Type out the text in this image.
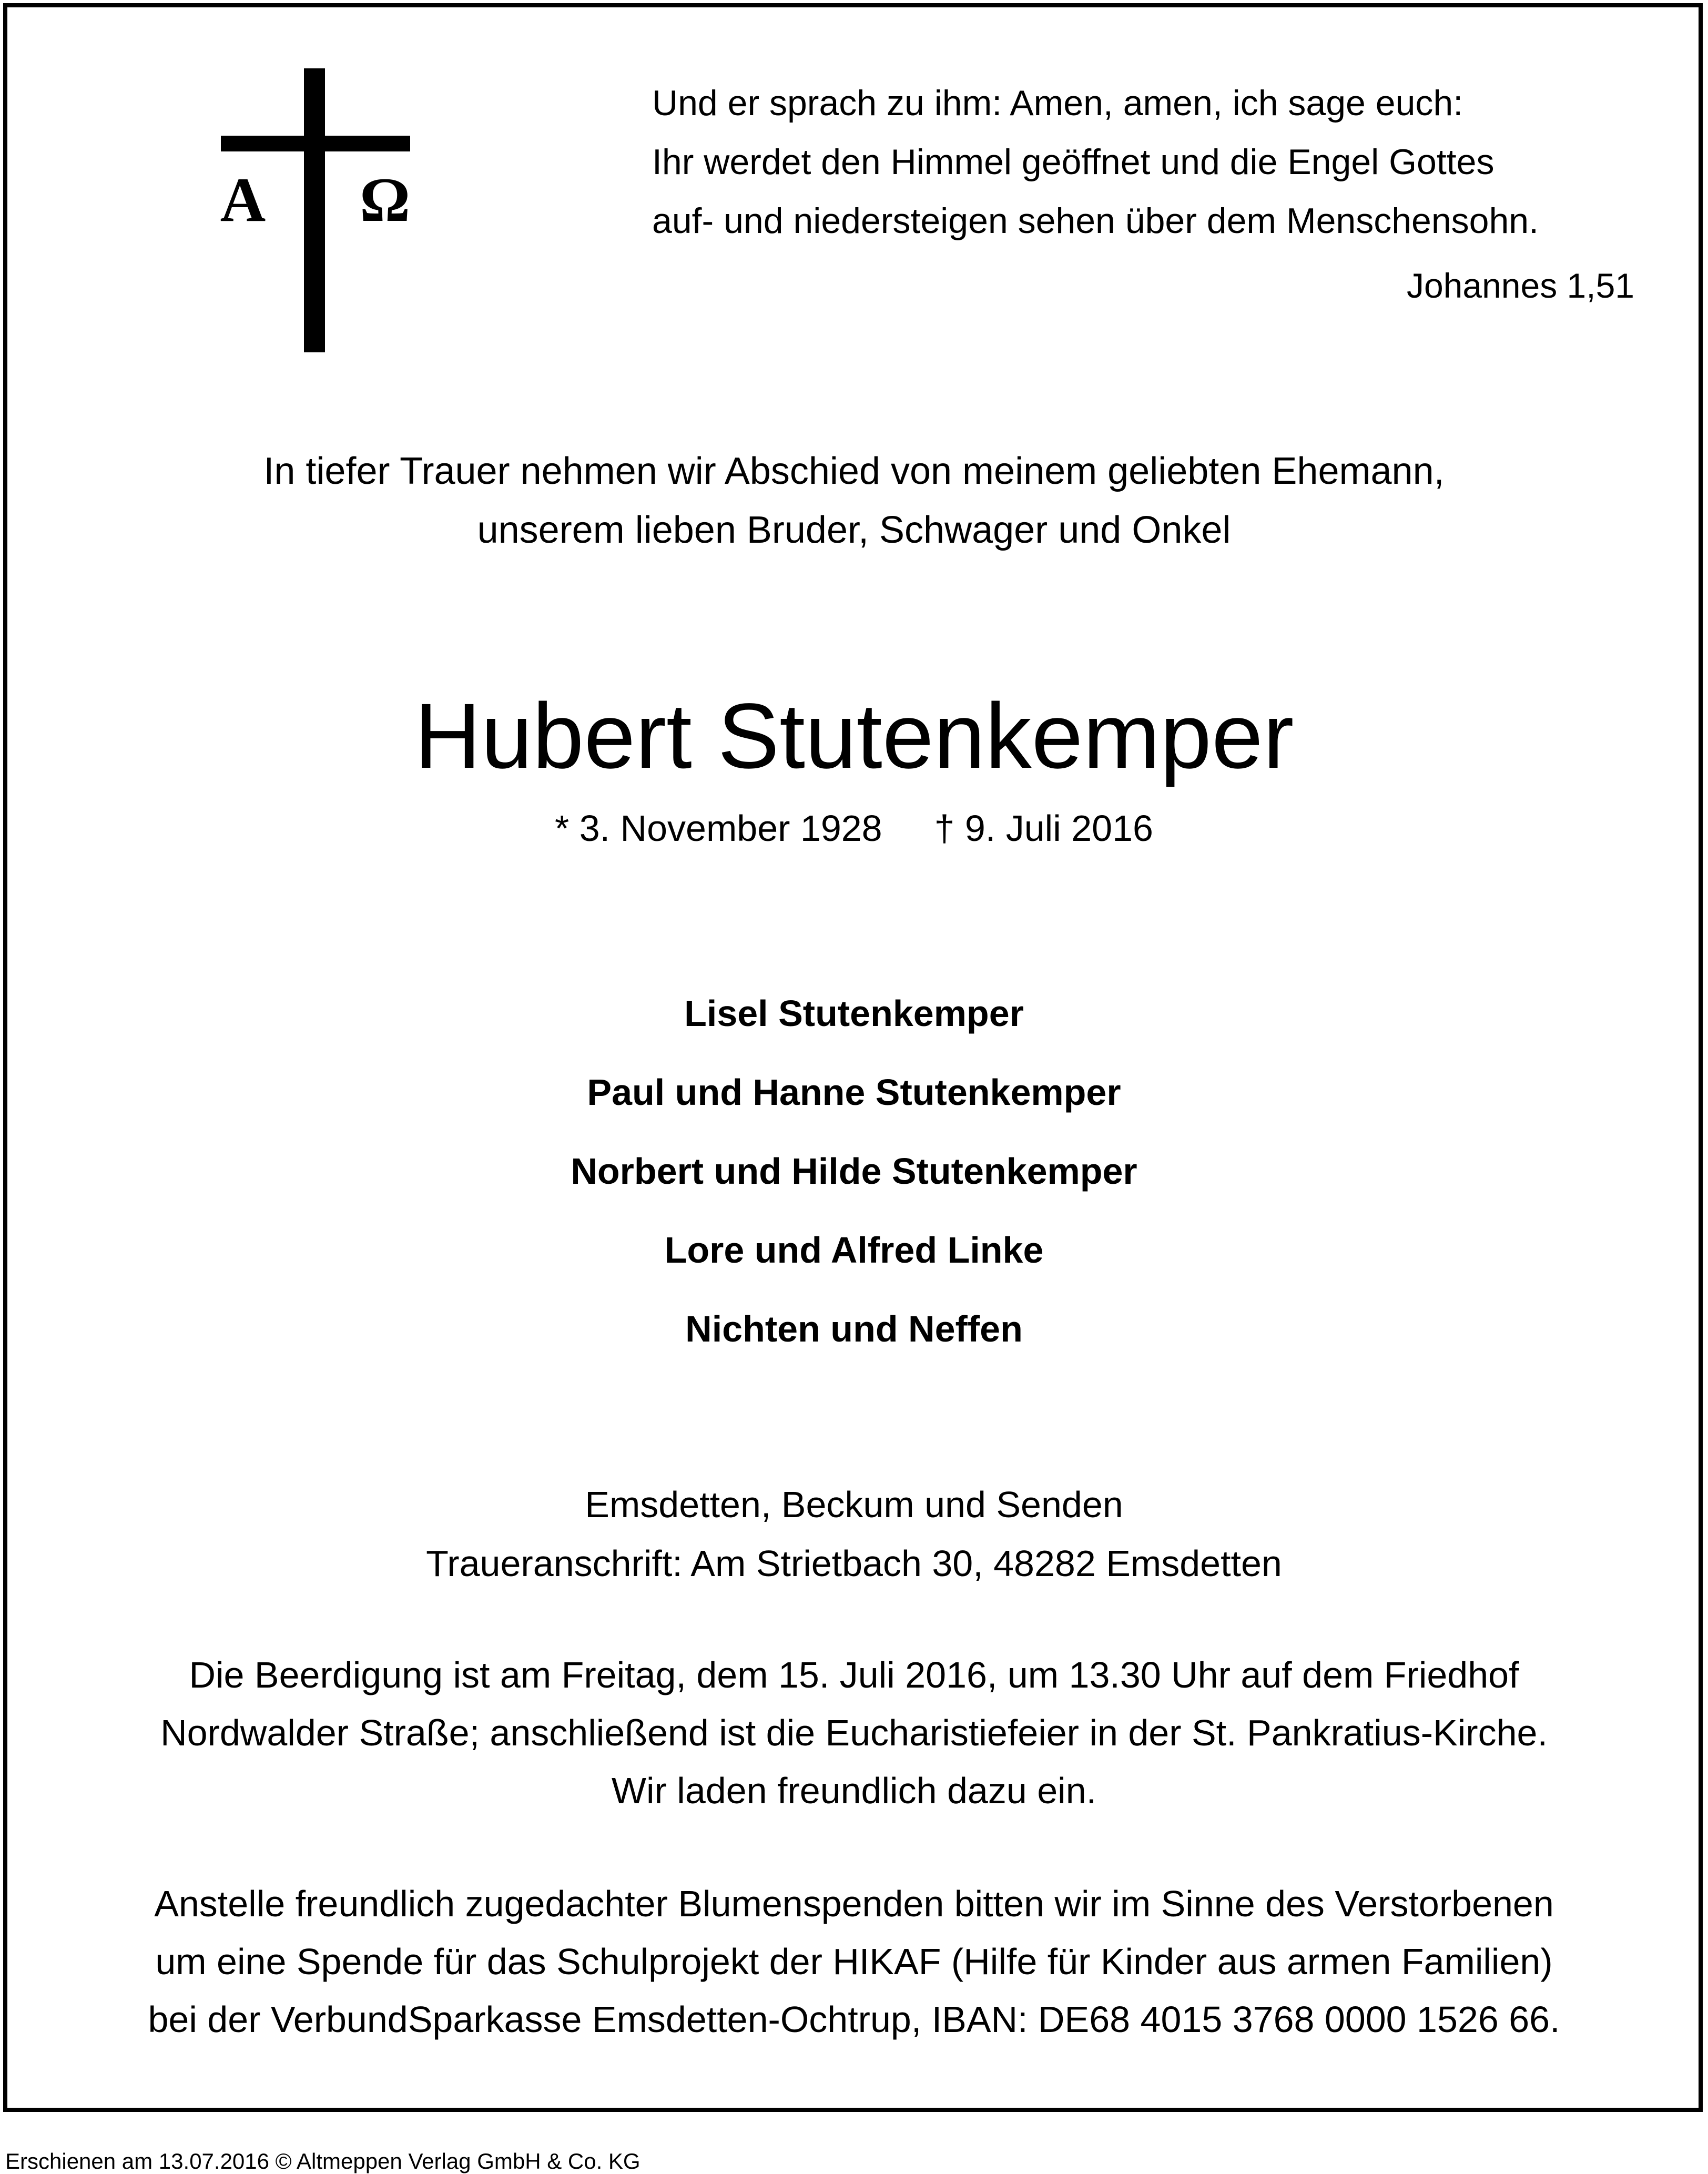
Α Ω
Und er sprach zu ihm: Amen, amen, ich sage euch:
Ihr werdet den Himmel geöffnet und die Engel Gottes
auf- und niedersteigen sehen über dem Menschensohn.
Johannes 1,51
In tiefer Trauer nehmen wir Abschied von meinem geliebten Ehemann,
unserem lieben Bruder, Schwager und Onkel
Hubert Stutenkemper
* 3. November 1928 † 9. Juli 2016
Lisel Stutenkemper
Paul und Hanne Stutenkemper
Norbert und Hilde Stutenkemper
Lore und Alfred Linke
Nichten und Neffen
Emsdetten, Beckum und Senden
Traueranschrift: Am Strietbach 30, 48282 Emsdetten
Die Beerdigung ist am Freitag, dem 15. Juli 2016, um 13.30 Uhr auf dem Friedhof
Nordwalder Straße; anschließend ist die Eucharistiefeier in der St. Pankratius-Kirche.
Wir laden freundlich dazu ein.
Anstelle freundlich zugedachter Blumenspenden bitten wir im Sinne des Verstorbenen
um eine Spende für das Schulprojekt der HIKAF (Hilfe für Kinder aus armen Familien)
bei der VerbundSparkasse Emsdetten-Ochtrup, IBAN: DE68 4015 3768 0000 1526 66.
Erschienen am 13.07.2016 © Altmeppen Verlag GmbH & Co. KG
